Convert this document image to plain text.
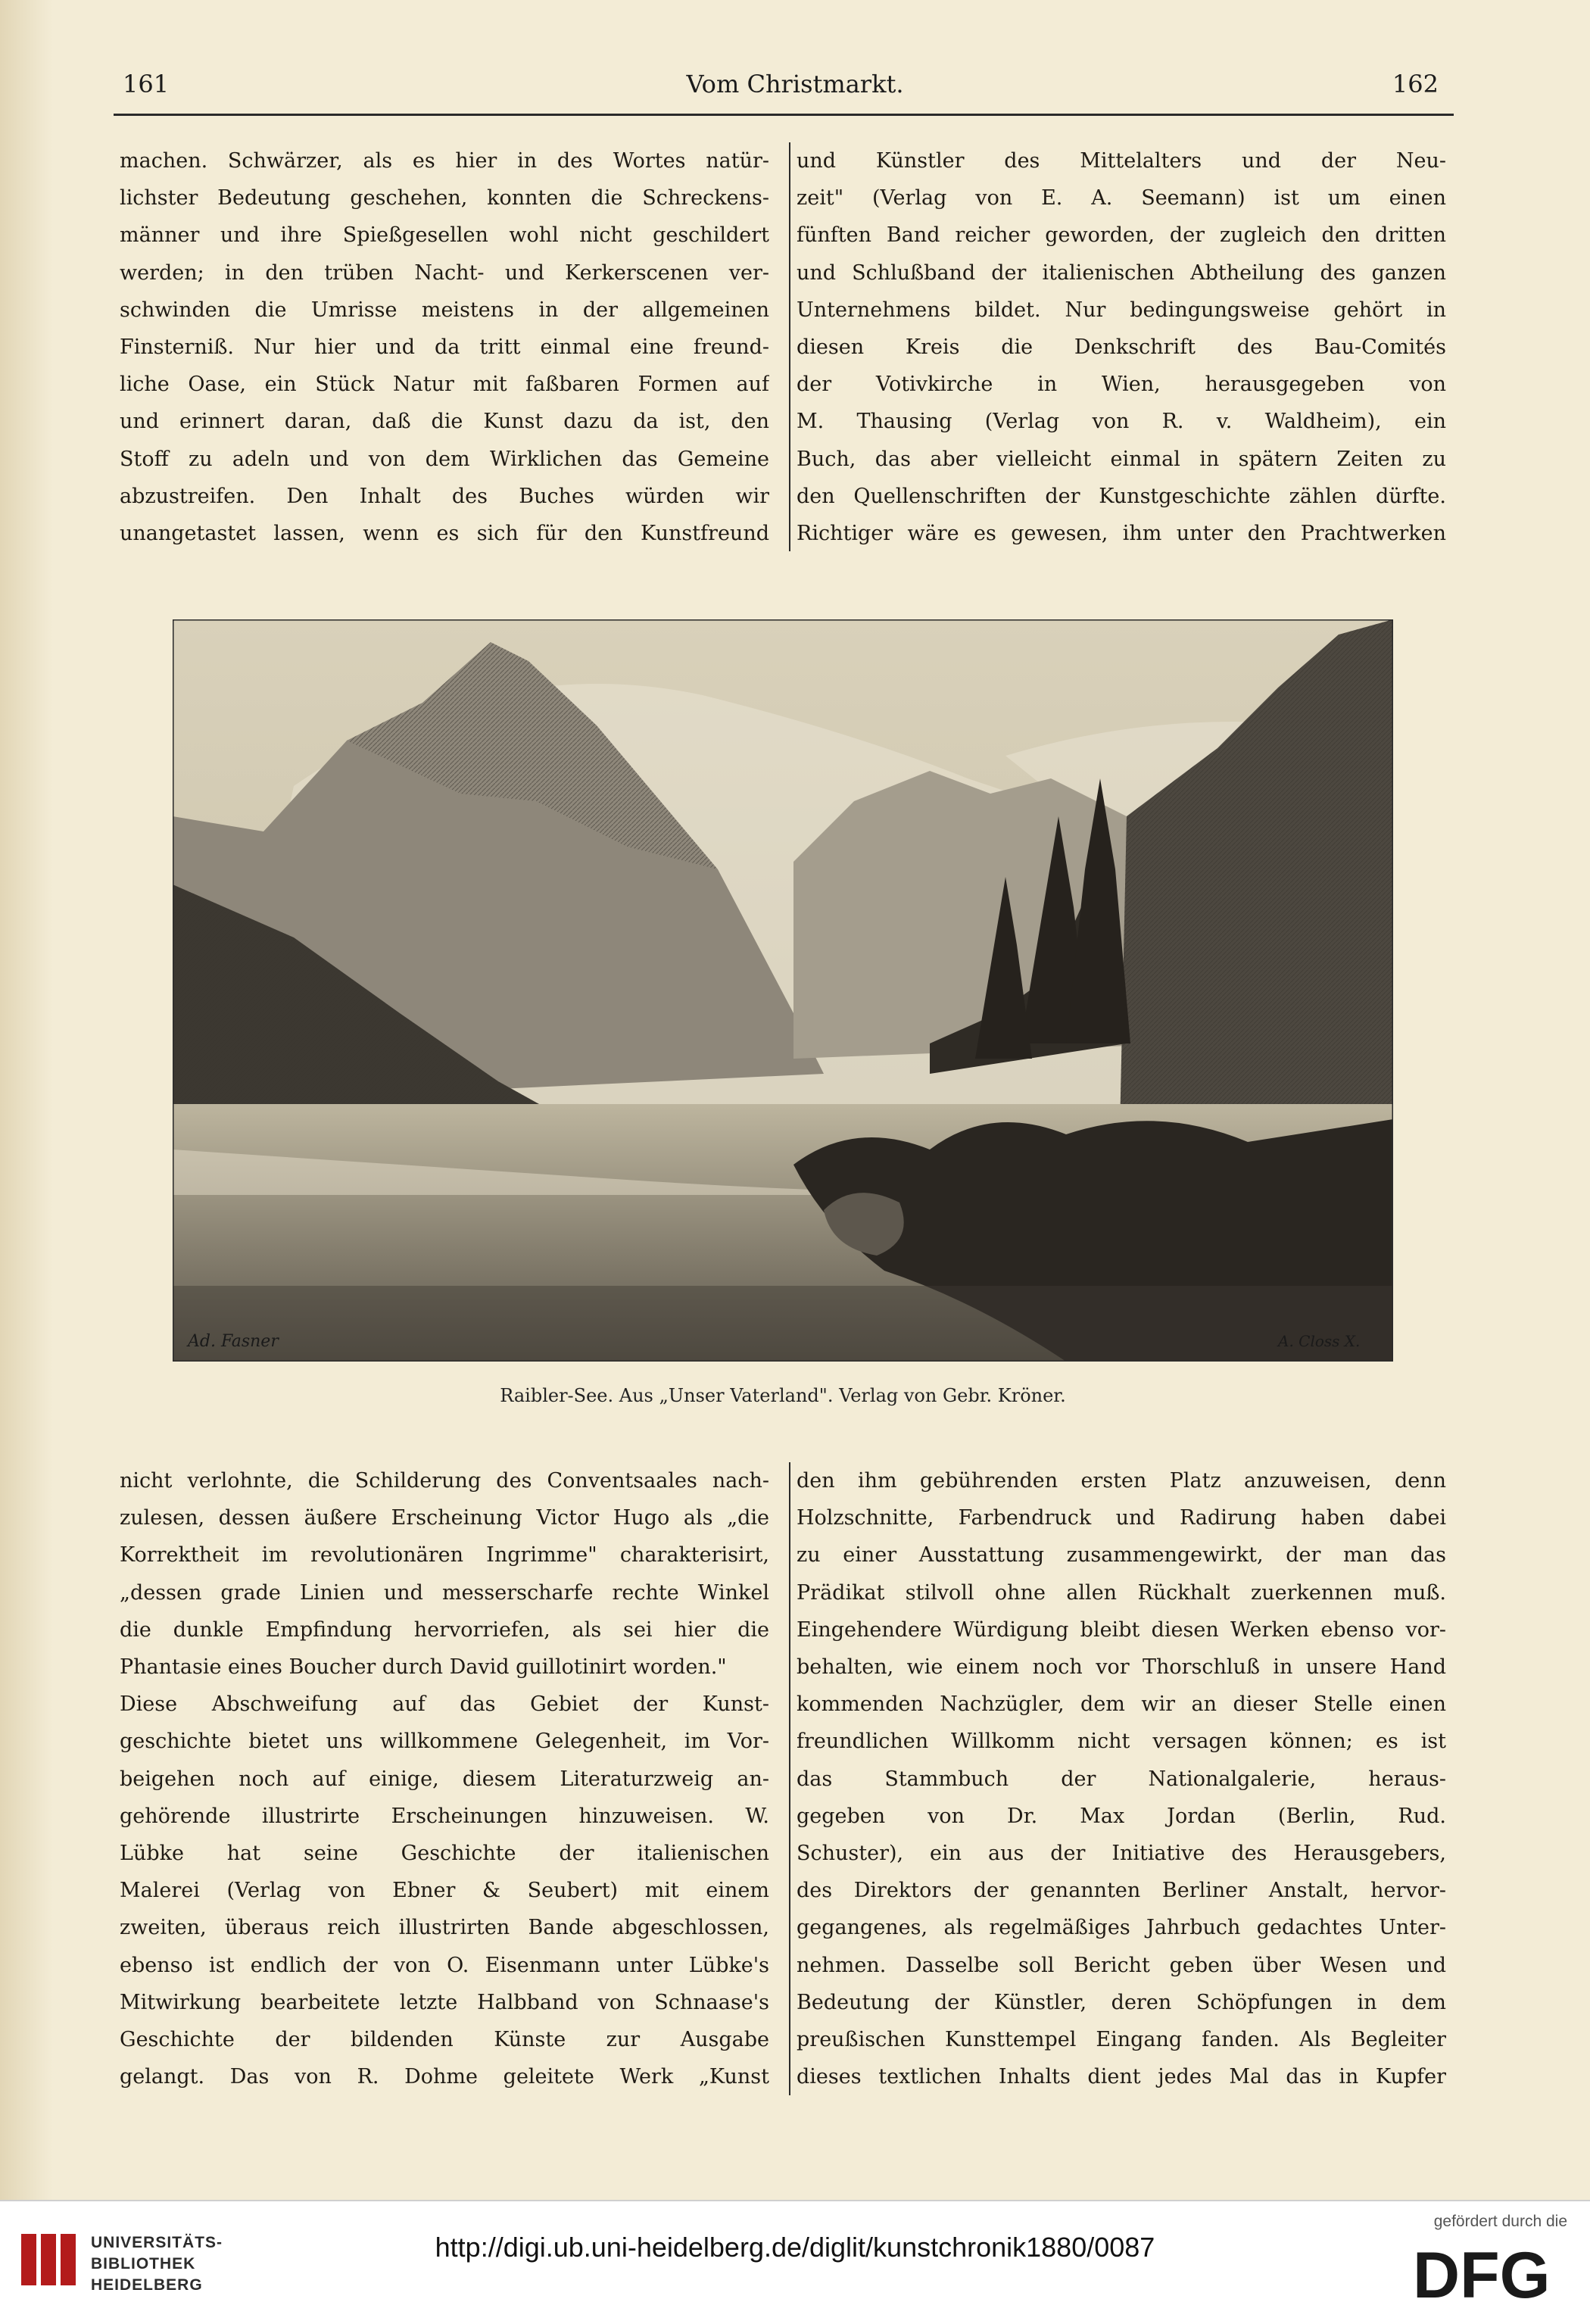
161	Vom Christmarkt.	162
machen. Schwärzer, als es hier in des Wortes natür-
lichster Bedeutung geschehen, konnten die Schreckens-
männer und ihre Spießgesellen wohl nicht geschildert
werden; in den trüben Nacht- und Kerkerscenen ver-
schwinden die Umrisse meistens in der allgemeinen
Finsterniß. Nur hier und da tritt einmal eine freund-
liche Oase, ein Stück Natur mit faßbaren Formen auf
und erinnert daran, daß die Kunst dazu da ist, den
Stoff zu adeln und von dem Wirklichen das Gemeine
abzustreifen. Den Inhalt des Buches würden wir
unangetastet lassen, wenn es sich für den Kunstfreund
und Künstler des Mittelalters und der Neu-
zeit" (Verlag von E. A. Seemann) ist um einen
fünften Band reicher geworden, der zugleich den dritten
und Schlußband der italienischen Abtheilung des ganzen
Unternehmens bildet. Nur bedingungsweise gehört in
diesen Kreis die Denkschrift des Bau-Comités
der Votivkirche in Wien, herausgegeben von
M. Thausing (Verlag von R. v. Waldheim), ein
Buch, das aber vielleicht einmal in spätern Zeiten zu
den Quellenschriften der Kunstgeschichte zählen dürfte.
Richtiger wäre es gewesen, ihm unter den Prachtwerken
Ad. Fasner	A. Closs X.
Raibler-See. Aus „Unser Vaterland". Verlag von Gebr. Kröner.
nicht verlohnte, die Schilderung des Conventsaales nach-
zulesen, dessen äußere Erscheinung Victor Hugo als „die
Korrektheit im revolutionären Ingrimme" charakterisirt,
„dessen grade Linien und messerscharfe rechte Winkel
die dunkle Empfindung hervorriefen, als sei hier die
Phantasie eines Boucher durch David guillotinirt worden."
Diese Abschweifung auf das Gebiet der Kunst-
geschichte bietet uns willkommene Gelegenheit, im Vor-
beigehen noch auf einige, diesem Literaturzweig an-
gehörende illustrirte Erscheinungen hinzuweisen. W.
Lübke hat seine Geschichte der italienischen
Malerei (Verlag von Ebner & Seubert) mit einem
zweiten, überaus reich illustrirten Bande abgeschlossen,
ebenso ist endlich der von O. Eisenmann unter Lübke's
Mitwirkung bearbeitete letzte Halbband von Schnaase's
Geschichte der bildenden Künste zur Ausgabe
gelangt. Das von R. Dohme geleitete Werk „Kunst
den ihm gebührenden ersten Platz anzuweisen, denn
Holzschnitte, Farbendruck und Radirung haben dabei
zu einer Ausstattung zusammengewirkt, der man das
Prädikat stilvoll ohne allen Rückhalt zuerkennen muß.
Eingehendere Würdigung bleibt diesen Werken ebenso vor-
behalten, wie einem noch vor Thorschluß in unsere Hand
kommenden Nachzügler, dem wir an dieser Stelle einen
freundlichen Willkomm nicht versagen können; es ist
das Stammbuch der Nationalgalerie, heraus-
gegeben von Dr. Max Jordan (Berlin, Rud.
Schuster), ein aus der Initiative des Herausgebers,
des Direktors der genannten Berliner Anstalt, hervor-
gegangenes, als regelmäßiges Jahrbuch gedachtes Unter-
nehmen. Dasselbe soll Bericht geben über Wesen und
Bedeutung der Künstler, deren Schöpfungen in dem
preußischen Kunsttempel Eingang fanden. Als Begleiter
dieses textlichen Inhalts dient jedes Mal das in Kupfer
UNIVERSITÄTS-
BIBLIOTHEK
HEIDELBERG
http://digi.ub.uni-heidelberg.de/diglit/kunstchronik1880/0087
gefördert durch die
DFG
